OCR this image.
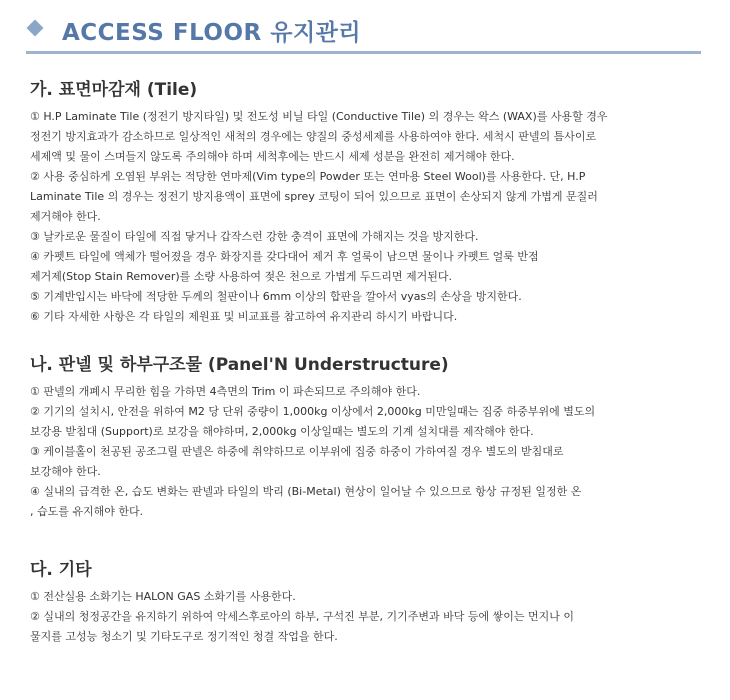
ACCESS FLOOR 유지관리
가. 표면마감재 (Tile)

① H.P Laminate Tile (정전기 방지타일) 및 전도성 비닐 타일 (Conductive Tile) 의 경우는 왁스 (WAX)를 사용할 경우

정전기 방지효과가 감소하므로 일상적인 새척의 경우에는 양질의 중성세제를 사용하여야 한다. 세척시 판넬의 틈사이로

세제액 및 물이 스며들지 않도록 주의해야 하며 세척후에는 반드시 세제 성분을 완전히 제거해야 한다.

② 사용 중심하게 오염된 부위는 적당한 연마제(Vim type의 Powder 또는 연마용 Steel Wool)를 사용한다. 단, H.P

Laminate Tile 의 경우는 정전기 방지용액이 표면에 sprey 코팅이 되어 있으므로 표면이 손상되지 않게 가볍게 문질러

제거해야 한다.

③ 날카로운 물질이 타일에 직접 닿거나 갑작스런 강한 충격이 표면에 가해지는 것을 방지한다.

④ 카펫트 타일에 액체가 떨어졌을 경우 화장지를 갖다대어 제거 후 얼룩이 남으면 물이나 카펫트 얼룩 반점

제거제(Stop Stain Remover)를 소량 사용하여 젖은 천으로 가볍게 두드리면 제거된다.

⑤ 기계반입시는 바닥에 적당한 두께의 철판이나 6mm 이상의 합판을 깔아서 vyas의 손상을 방지한다.

⑥ 기타 자세한 사항은 각 타일의 제원표 및 비교표를 참고하여 유지관리 하시기 바랍니다.

나. 판넬 및 하부구조물 (Panel'N Understructure)

① 판넬의 개폐시 무리한 힘을 가하면 4측면의 Trim 이 파손되므로 주의해야 한다.

② 기기의 설치시, 안전을 위하여 M2 당 단위 중량이 1,000kg 이상에서 2,000kg 미만일때는 집중 하중부위에 별도의

보강용 받침대 (Support)로 보강을 해야하며, 2,000kg 이상일때는 별도의 기계 설치대를 제작해야 한다.

③ 케이블홀이 천공된 공조그릴 판넬은 하중에 취약하므로 이부위에 집중 하중이 가하여질 경우 별도의 받침대로

보강해야 한다.

④ 실내의 급격한 온, 습도 변화는 판넬과 타일의 박리 (Bi-Metal) 현상이 일어날 수 있으므로 항상 규정된 일정한 온

, 습도를 유지해야 한다.

다. 기타

① 전산실용 소화기는 HALON GAS 소화기를 사용한다.

② 실내의 청정공간을 유지하기 위하여 악세스후로아의 하부, 구석진 부분, 기기주변과 바닥 등에 쌓이는 먼지나 이

물지를 고성능 청소기 및 기타도구로 정기적인 청결 작업을 한다.
